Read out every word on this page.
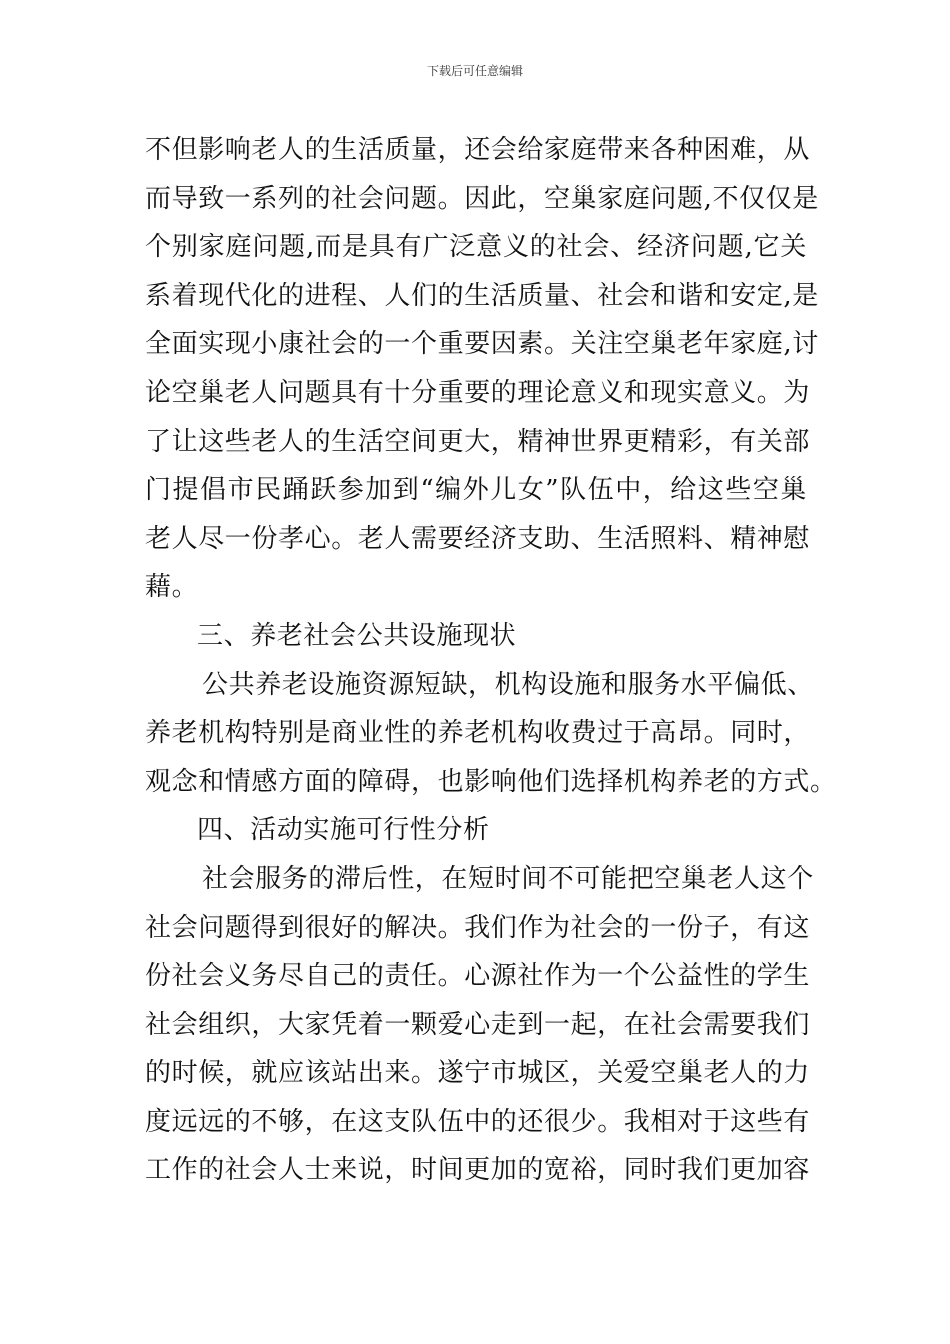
下载后可任意编辑
不但影响老人的生活质量，还会给家庭带来各种困难，从
而导致一系列的社会问题。因此，空巢家庭问题,不仅仅是
个别家庭问题,而是具有广泛意义的社会、经济问题,它关
系着现代化的进程、人们的生活质量、社会和谐和安定,是
全面实现小康社会的一个重要因素。关注空巢老年家庭,讨
论空巢老人问题具有十分重要的理论意义和现实意义。为
了让这些老人的生活空间更大，精神世界更精彩，有关部
门提倡市民踊跃参加到“编外儿女”队伍中，给这些空巢
老人尽一份孝心。老人需要经济支助、生活照料、精神慰
藉。
三、养老社会公共设施现状
公共养老设施资源短缺，机构设施和服务水平偏低、
养老机构特别是商业性的养老机构收费过于高昂。同时，
观念和情感方面的障碍，也影响他们选择机构养老的方式。
四、活动实施可行性分析
社会服务的滞后性，在短时间不可能把空巢老人这个
社会问题得到很好的解决。我们作为社会的一份子，有这
份社会义务尽自己的责任。心源社作为一个公益性的学生
社会组织，大家凭着一颗爱心走到一起，在社会需要我们
的时候，就应该站出来。遂宁市城区，关爱空巢老人的力
度远远的不够，在这支队伍中的还很少。我相对于这些有
工作的社会人士来说，时间更加的宽裕，同时我们更加容
